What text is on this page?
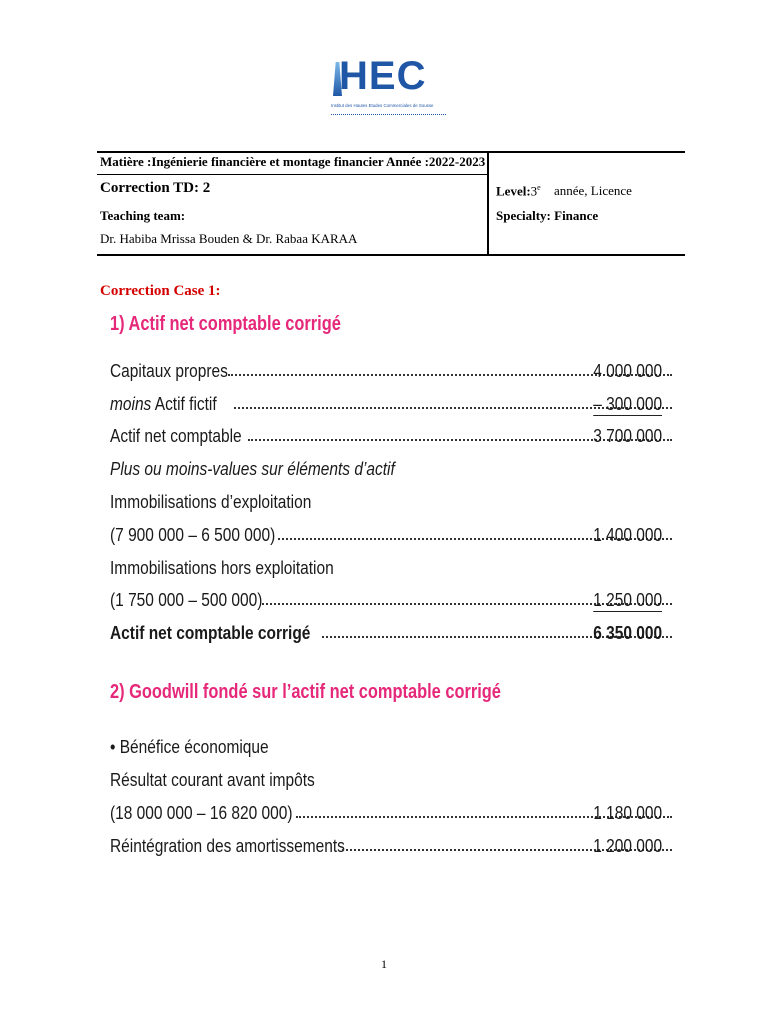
HEC
Institut des Hautes Etudes Commerciales de Sousse
Matière :Ingénierie financière et montage financier Année :2022-2023
Correction TD: 2	Level:3e année, Licence
Teaching team:	Specialty: Finance
Dr. Habiba Mrissa Bouden & Dr. Rabaa KARAA
Correction Case 1:
1) Actif net comptable corrigé
Capitaux propres	4 000 000
moins Actif fictif	– 300 000
Actif net comptable	3 700 000
Plus ou moins-values sur éléments d’actif
Immobilisations d’exploitation
(7 900 000 – 6 500 000)	1 400 000
Immobilisations hors exploitation
(1 750 000 – 500 000)	1 250 000
Actif net comptable corrigé	6 350 000
2) Goodwill fondé sur l’actif net comptable corrigé
• Bénéfice économique
Résultat courant avant impôts
(18 000 000 – 16 820 000)	1 180 000
Réintégration des amortissements	1 200 000
1
